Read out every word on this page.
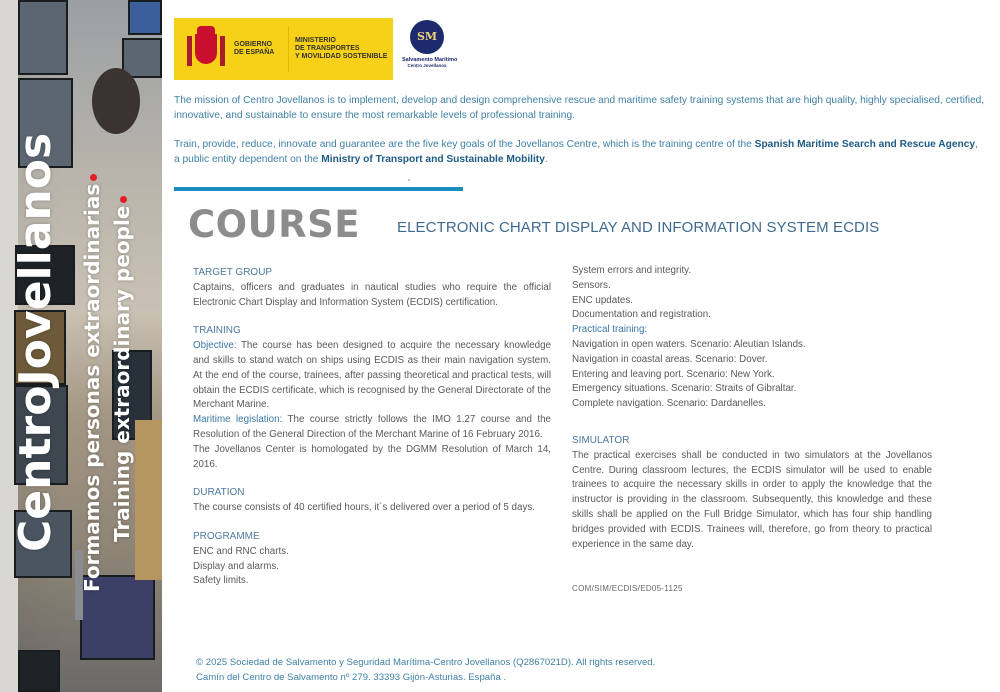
CentroJovellanos Formamos personas extraordinarias Training extraordinary people
GOBIERNO
DE ESPAÑA
MINISTERIO
DE TRANSPORTES
Y MOVILIDAD SOSTENIBLE
SM
Salvamento Marítimo
Centro Jovellanos

The mission of Centro Jovellanos is to implement, develop and design comprehensive rescue and maritime safety training systems that are high quality, highly specialised, certified, innovative, and sustainable to ensure the most remarkable levels of professional training.

Train, provide, reduce, innovate and guarantee are the five key goals of the Jovellanos Centre, which is the training centre of the Spanish Maritime Search and Rescue Agency, a public entity dependent on the Ministry of Transport and Sustainable Mobility.

COURSE ELECTRONIC CHART DISPLAY AND INFORMATION SYSTEM ECDIS
TARGET GROUP
Captains, officers and graduates in nautical studies who require the official Electronic Chart Display and Information System (ECDIS) certification.
TRAINING
Objective: The course has been designed to acquire the necessary knowledge and skills to stand watch on ships using ECDIS as their main navigation system. At the end of the course, trainees, after passing theoretical and practical tests, will obtain the ECDIS certificate, which is recognised by the General Directorate of the Merchant Marine.
Maritime legislation: The course strictly follows the IMO 1.27 course and the Resolution of the General Direction of the Merchant Marine of 16 February 2016.
The Jovellanos Center is homologated by the DGMM Resolution of March 14, 2016.
DURATION
The course consists of 40 certified hours, it´s delivered over a period of 5 days.
PROGRAMME
ENC and RNC charts.
Display and alarms.
Safety limits.
System errors and integrity.
Sensors.
ENC updates.
Documentation and registration.
Practical training:
Navigation in open waters. Scenario: Aleutian Islands.
Navigation in coastal areas. Scenario: Dover.
Entering and leaving port. Scenario: New York.
Emergency situations. Scenario: Straits of Gibraltar.
Complete navigation. Scenario: Dardanelles.
SIMULATOR
The practical exercises shall be conducted in two simulators at the Jovellanos Centre. During classroom lectures, the ECDIS simulator will be used to enable trainees to acquire the necessary skills in order to apply the knowledge that the instructor is providing in the classroom. Subsequently, this knowledge and these skills shall be applied on the Full Bridge Simulator, which has four ship handling bridges provided with ECDIS. Trainees will, therefore, go from theory to practical experience in the same day.
COM/SIM/ECDIS/ED05-1125
© 2025 Sociedad de Salvamento y Seguridad Marítima-Centro Jovellanos (Q2867021D). All rights reserved.
Camín del Centro de Salvamento nº 279. 33393 Gijón-Asturias. España .
